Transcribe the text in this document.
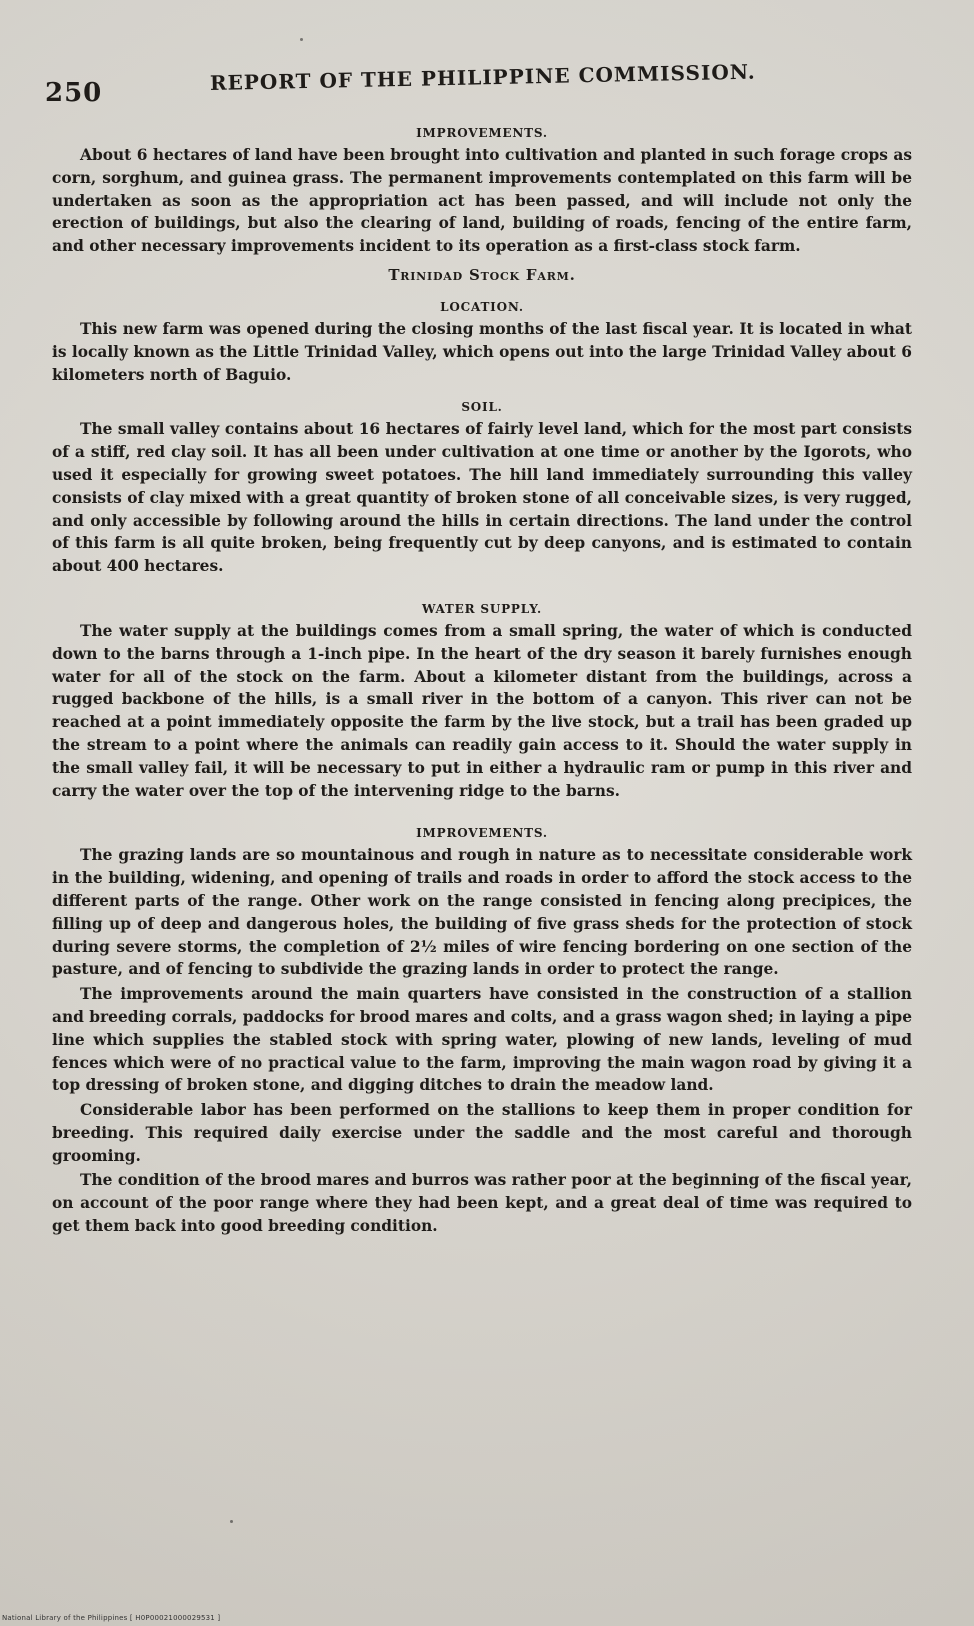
250	REPORT OF THE PHILIPPINE COMMISSION.
IMPROVEMENTS.

About 6 hectares of land have been brought into cultivation and planted in such forage crops as corn, sorghum, and guinea grass. The permanent improvements contemplated on this farm will be undertaken as soon as the appropriation act has been passed, and will include not only the erection of buildings, but also the clearing of land, building of roads, fencing of the entire farm, and other necessary improvements incident to its operation as a first-class stock farm.

Trinidad Stock Farm.
LOCATION.

This new farm was opened during the closing months of the last fiscal year. It is located in what is locally known as the Little Trinidad Valley, which opens out into the large Trinidad Valley about 6 kilometers north of Baguio.

SOIL.

The small valley contains about 16 hectares of fairly level land, which for the most part consists of a stiff, red clay soil. It has all been under cultivation at one time or another by the Igorots, who used it especially for growing sweet potatoes. The hill land immediately surrounding this valley consists of clay mixed with a great quantity of broken stone of all conceivable sizes, is very rugged, and only accessible by following around the hills in certain directions. The land under the control of this farm is all quite broken, being frequently cut by deep canyons, and is estimated to contain about 400 hectares.

WATER SUPPLY.

The water supply at the buildings comes from a small spring, the water of which is conducted down to the barns through a 1-inch pipe. In the heart of the dry season it barely furnishes enough water for all of the stock on the farm. About a kilometer distant from the buildings, across a rugged backbone of the hills, is a small river in the bottom of a canyon. This river can not be reached at a point immediately opposite the farm by the live stock, but a trail has been graded up the stream to a point where the animals can readily gain access to it. Should the water supply in the small valley fail, it will be necessary to put in either a hydraulic ram or pump in this river and carry the water over the top of the intervening ridge to the barns.

IMPROVEMENTS.

The grazing lands are so mountainous and rough in nature as to necessitate considerable work in the building, widening, and opening of trails and roads in order to afford the stock access to the different parts of the range. Other work on the range consisted in fencing along precipices, the filling up of deep and dangerous holes, the building of five grass sheds for the protection of stock during severe storms, the completion of 2½ miles of wire fencing bordering on one section of the pasture, and of fencing to subdivide the grazing lands in order to protect the range.

The improvements around the main quarters have consisted in the construction of a stallion and breeding corrals, paddocks for brood mares and colts, and a grass wagon shed; in laying a pipe line which supplies the stabled stock with spring water, plowing of new lands, leveling of mud fences which were of no practical value to the farm, improving the main wagon road by giving it a top dressing of broken stone, and digging ditches to drain the meadow land.

Considerable labor has been performed on the stallions to keep them in proper condition for breeding. This required daily exercise under the saddle and the most careful and thorough grooming.

The condition of the brood mares and burros was rather poor at the beginning of the fiscal year, on account of the poor range where they had been kept, and a great deal of time was required to get them back into good breeding condition.

National Library of the Philippines [ H0P00021000029531 ]
